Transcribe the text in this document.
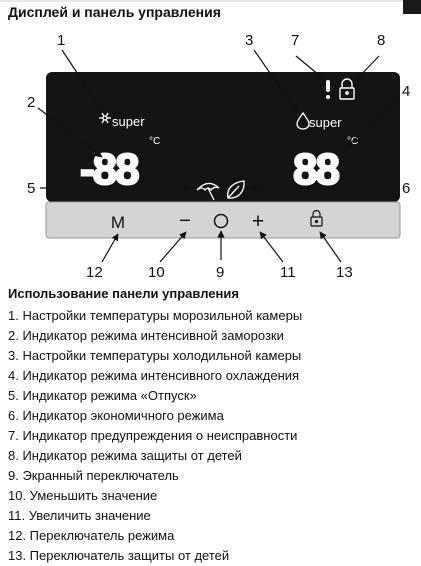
Дисплей и панель управления
super	super
-88
°C
88
°C
M	−	+
1
2
3
4
5	6
7	8
9
10	11
12	13
Использование панели управления
1. Настройки температуры морозильной камеры
2. Индикатор режима интенсивной заморозки
3. Настройки температуры холодильной камеры
4. Индикатор режима интенсивного охлаждения
5. Индикатор режима «Отпуск»
6. Индикатор экономичного режима
7. Индикатор предупреждения о неисправности
8. Индикатор режима защиты от детей
9. Экранный переключатель
10. Уменьшить значение
11. Увеличить значение
12. Переключатель режима
13. Переключатель защиты от детей
